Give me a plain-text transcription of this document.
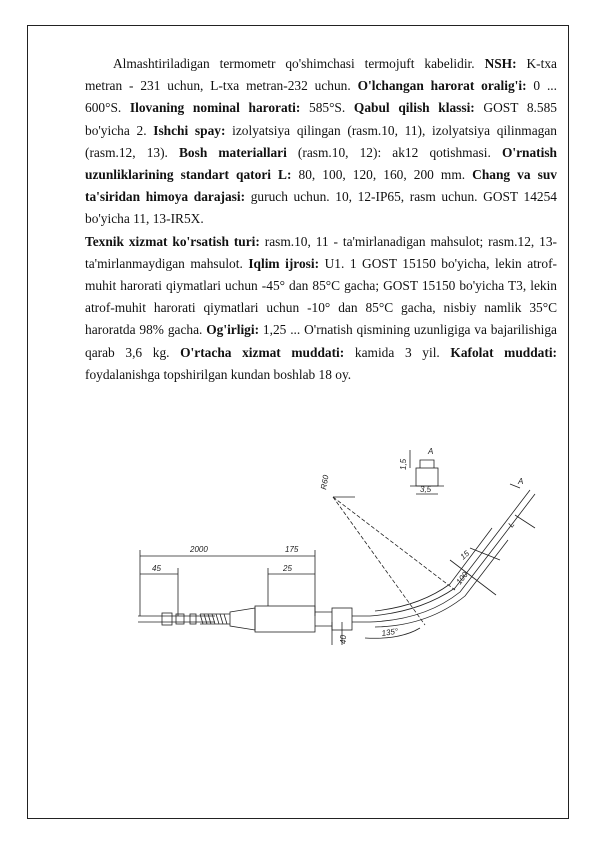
Almashtiriladigan termometr qo'shimchasi termojuft kabelidir. NSH: K-txa metran - 231 uchun, L-txa metran-232 uchun. O'lchangan harorat oralig'i: 0 ... 600°S. Ilovaning nominal harorati: 585°S. Qabul qilish klassi: GOST 8.585 bo'yicha 2. Ishchi spay: izolyatsiya qilingan (rasm.10, 11), izolyatsiya qilinmagan (rasm.12, 13). Bosh materiallari (rasm.10, 12): ak12 qotishmasi. O'rnatish uzunliklarining standart qatori L: 80, 100, 120, 160, 200 mm. Chang va suv ta'siridan himoya darajasi: guruch uchun. 10, 12-IP65, rasm uchun. GOST 14254 bo'yicha 11, 13-IR5X.

Texnik xizmat ko'rsatish turi: rasm.10, 11 - ta'mirlanadigan mahsulot; rasm.12, 13-ta'mirlanmaydigan mahsulot. Iqlim ijrosi: U1. 1 GOST 15150 bo'yicha, lekin atrof-muhit harorati qiymatlari uchun -45° dan 85°C gacha; GOST 15150 bo'yicha T3, lekin atrof-muhit harorati qiymatlari uchun -10° dan 85°C gacha, nisbiy namlik 35°C haroratda 98% gacha. Og'irligi: 1,25 ... O'rnatish qismining uzunligiga va bajarilishiga qarab 3,6 kg. O'rtacha xizmat muddati: kamida 3 yil. Kafolat muddati: foydalanishga topshirilgan kundan boshlab 18 oy.

2000	175
45	25
R60
1,5
3,5
15
100
L
40
135°
A
A
